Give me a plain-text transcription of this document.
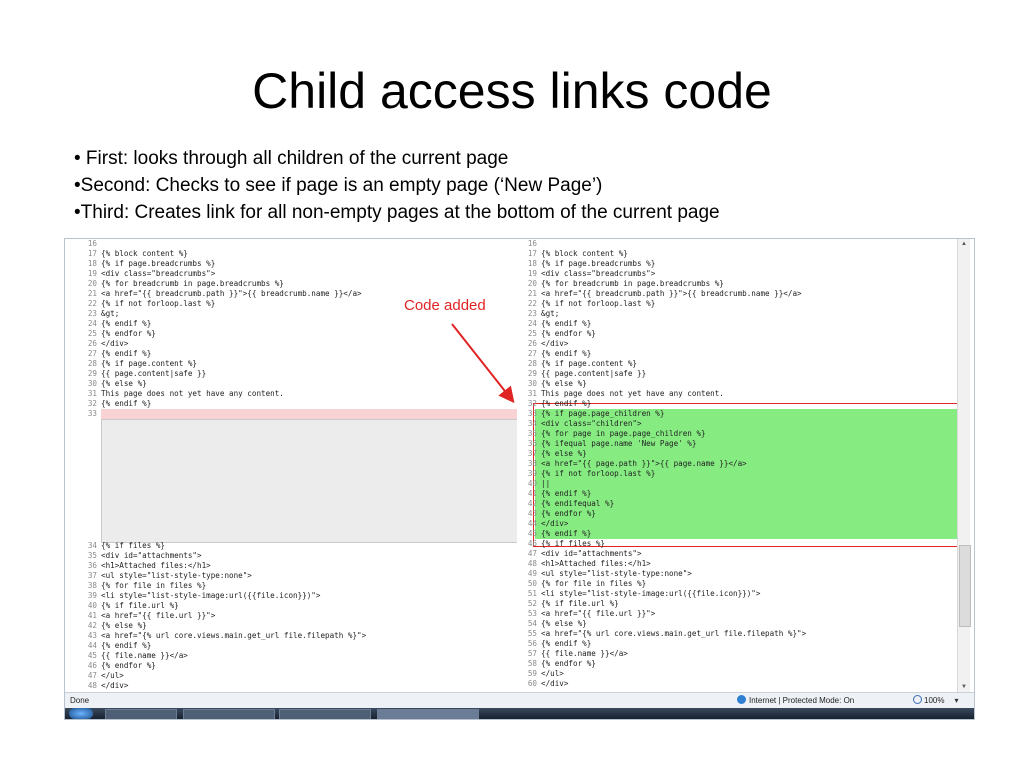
Child access links code
• First: looks through all children of the current page
•Second: Checks to see if page is an empty page (‘New Page’)
•Third: Creates link for all non-empty pages at the bottom of the current page
16
17 {% block content %}
18 {% if page.breadcrumbs %}
19 <div class="breadcrumbs">
20 {% for breadcrumb in page.breadcrumbs %}
21 <a href="{{ breadcrumb.path }}">{{ breadcrumb.name }}</a>
22 {% if not forloop.last %}
23 &gt;
24 {% endif %}
25 {% endfor %}
26 </div>
27 {% endif %}
28 {% if page.content %}
29 {{ page.content|safe }}
30 {% else %}
31 This page does not yet have any content.
32 {% endif %}
33
34 {% if files %}
35 <div id="attachments">
36 <h1>Attached files:</h1>
37 <ul style="list-style-type:none">
38 {% for file in files %}
39 <li style="list-style-image:url({{file.icon}})">
40 {% if file.url %}
41 <a href="{{ file.url }}">
42 {% else %}
43 <a href="{% url core.views.main.get_url file.filepath %}">
44 {% endif %}
45 {{ file.name }}</a>
46 {% endfor %}
47 </ul>
48 </div>
16
17 {% block content %}
18 {% if page.breadcrumbs %}
19 <div class="breadcrumbs">
20 {% for breadcrumb in page.breadcrumbs %}
21 <a href="{{ breadcrumb.path }}">{{ breadcrumb.name }}</a>
22 {% if not forloop.last %}
23 &gt;
24 {% endif %}
25 {% endfor %}
26 </div>
27 {% endif %}
28 {% if page.content %}
29 {{ page.content|safe }}
30 {% else %}
31 This page does not yet have any content.
32 {% endif %}
33 {% if page.page_children %}
34 <div class="children">
35 {% for page in page.page_children %}
36 {% ifequal page.name 'New Page' %}
37 {% else %}
38 <a href="{{ page.path }}">{{ page.name }}</a>
39 {% if not forloop.last %}
40 ||
41 {% endif %}
42 {% endifequal %}
43 {% endfor %}
44 </div>
45 {% endif %}
46 {% if files %}
47 <div id="attachments">
48 <h1>Attached files:</h1>
49 <ul style="list-style-type:none">
50 {% for file in files %}
51 <li style="list-style-image:url({{file.icon}})">
52 {% if file.url %}
53 <a href="{{ file.url }}">
54 {% else %}
55 <a href="{% url core.views.main.get_url file.filepath %}">
56 {% endif %}
57 {{ file.name }}</a>
58 {% endfor %}
59 </ul>
60 </div>
▲
▼
Done	Internet | Protected Mode: On	100% ▾
Code added
